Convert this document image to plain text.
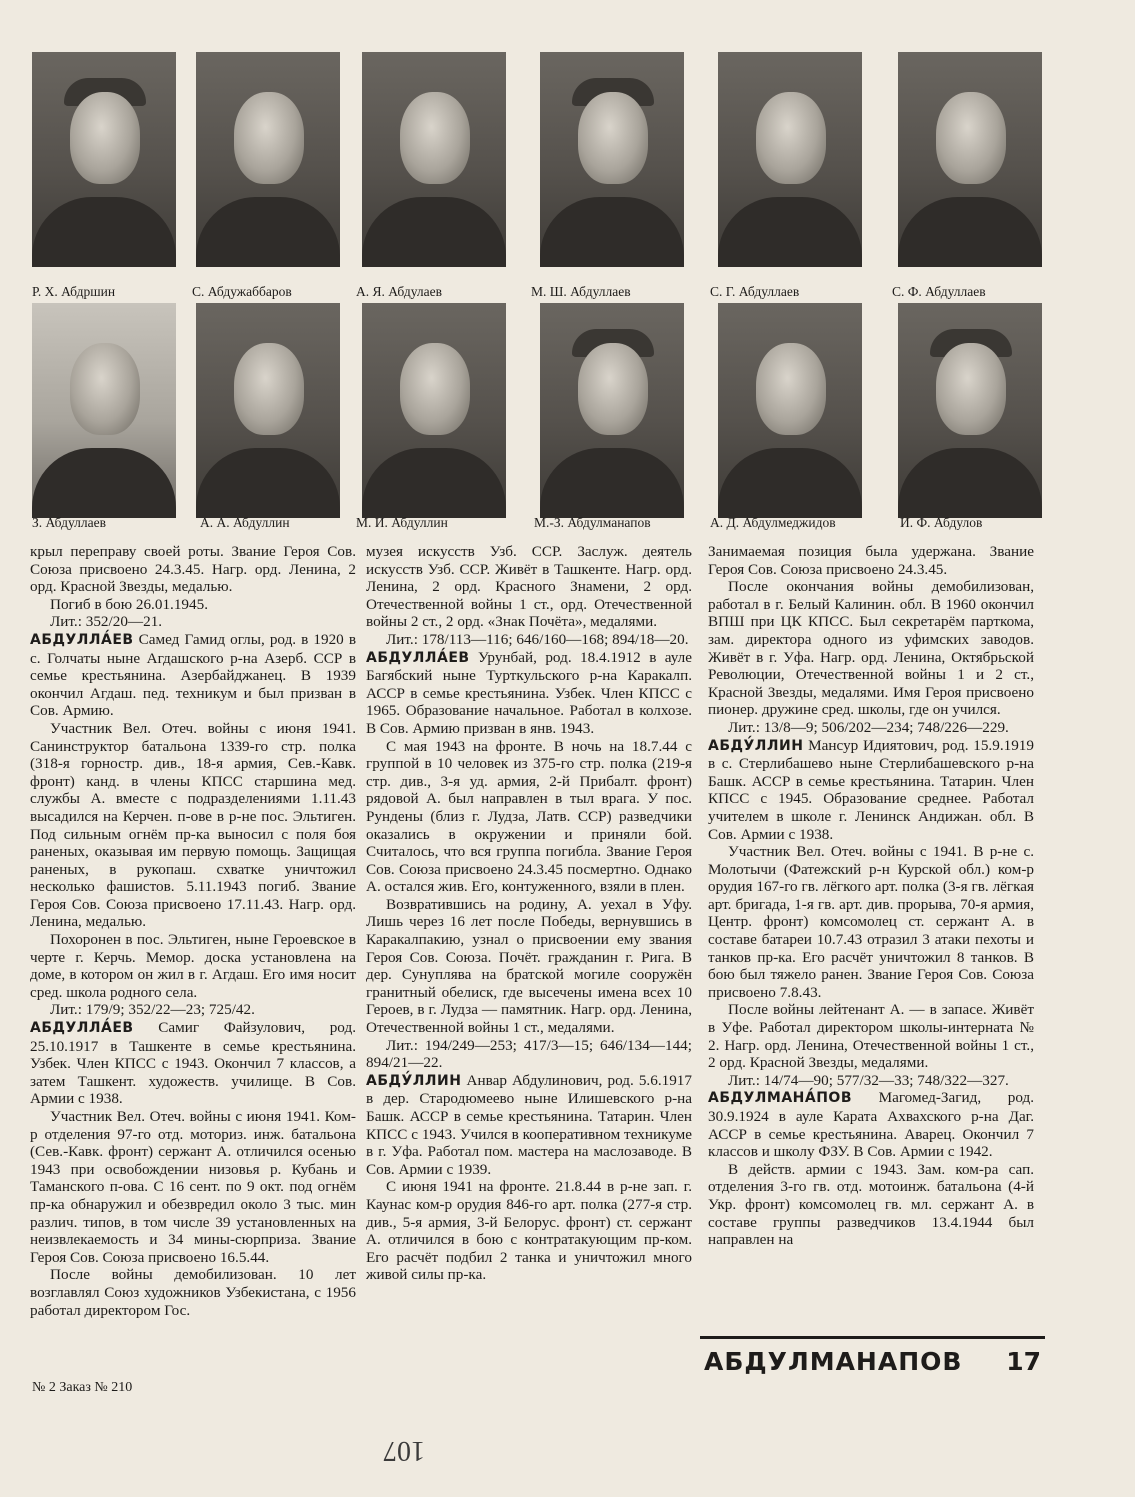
Р. Х. Абдршин	С. Абдужаббаров	А. Я. Абдулаев	М. Ш. Абдуллаев	С. Г. Абдуллаев	С. Ф. Абдуллаев
З. Абдуллаев	А. А. Абдуллин	М. И. Абдуллин	М.-З. Абдулманапов	А. Д. Абдулмеджидов	И. Ф. Абдулов

крыл переправу своей роты. Звание Героя Сов. Союза присвоено 24.3.45. Нагр. орд. Ленина, 2 орд. Красной Звезды, медалью.

Погиб в бою 26.01.1945.

Лит.: 352/20—21.

АБДУЛЛА́ЕВ Самед Гамид оглы, род. в 1920 в с. Голчаты ныне Агдашского р-на Азерб. ССР в семье крестьянина. Азербайджанец. В 1939 окончил Агдаш. пед. техникум и был призван в Сов. Армию.

Участник Вел. Отеч. войны с июня 1941. Санинструктор батальона 1339-го стр. полка (318-я горностр. див., 18-я армия, Сев.-Кавк. фронт) канд. в члены КПСС старшина мед. службы А. вместе с подразделениями 1.11.43 высадился на Керчен. п-ове в р-не пос. Эльтиген. Под сильным огнём пр-ка выносил с поля боя раненых, оказывая им первую помощь. Защищая раненых, в рукопаш. схватке уничтожил несколько фашистов. 5.11.1943 погиб. Звание Героя Сов. Союза присвоено 17.11.43. Нагр. орд. Ленина, медалью.

Похоронен в пос. Эльтиген, ныне Героевское в черте г. Керчь. Мемор. доска установлена на доме, в котором он жил в г. Агдаш. Его имя носит сред. школа родного села.

Лит.: 179/9; 352/22—23; 725/42.

АБДУЛЛА́ЕВ Самиг Файзулович, род. 25.10.1917 в Ташкенте в семье крестьянина. Узбек. Член КПСС с 1943. Окончил 7 классов, а затем Ташкент. художеств. училище. В Сов. Армии с 1938.

Участник Вел. Отеч. войны с июня 1941. Ком-р отделения 97-го отд. моториз. инж. батальона (Сев.-Кавк. фронт) сержант А. отличился осенью 1943 при освобождении низовья р. Кубань и Таманского п-ова. С 16 сент. по 9 окт. под огнём пр-ка обнаружил и обезвредил около 3 тыс. мин различ. типов, в том числе 39 установленных на неизвлекаемость и 34 мины-сюрприза. Звание Героя Сов. Союза присвоено 16.5.44.

После войны демобилизован. 10 лет возглавлял Союз художников Узбекистана, с 1956 работал директором Гос.

музея искусств Узб. ССР. Заслуж. деятель искусств Узб. ССР. Живёт в Ташкенте. Нагр. орд. Ленина, 2 орд. Красного Знамени, 2 орд. Отечественной войны 1 ст., орд. Отечественной войны 2 ст., 2 орд. «Знак Почёта», медалями.

Лит.: 178/113—116; 646/160—168; 894/18—20.

АБДУЛЛА́ЕВ Урунбай, род. 18.4.1912 в ауле Багябский ныне Турткульского р-на Каракалп. АССР в семье крестьянина. Узбек. Член КПСС с 1965. Образование начальное. Работал в колхозе. В Сов. Армию призван в янв. 1943.

С мая 1943 на фронте. В ночь на 18.7.44 с группой в 10 человек из 375-го стр. полка (219-я стр. див., 3-я уд. армия, 2-й Прибалт. фронт) рядовой А. был направлен в тыл врага. У пос. Рундены (близ г. Лудза, Латв. ССР) разведчики оказались в окружении и приняли бой. Считалось, что вся группа погибла. Звание Героя Сов. Союза присвоено 24.3.45 посмертно. Однако А. остался жив. Его, контуженного, взяли в плен.

Возвратившись на родину, А. уехал в Уфу. Лишь через 16 лет после Победы, вернувшись в Каракалпакию, узнал о присвоении ему звания Героя Сов. Союза. Почёт. гражданин г. Рига. В дер. Сунуплява на братской могиле сооружён гранитный обелиск, где высечены имена всех 10 Героев, в г. Лудза — памятник. Нагр. орд. Ленина, Отечественной войны 1 ст., медалями.

Лит.: 194/249—253; 417/3—15; 646/134—144; 894/21—22.

АБДУ́ЛЛИН Анвар Абдулинович, род. 5.6.1917 в дер. Стародюмеево ныне Илишевского р-на Башк. АССР в семье крестьянина. Татарин. Член КПСС с 1943. Учился в кооперативном техникуме в г. Уфа. Работал пом. мастера на маслозаводе. В Сов. Армии с 1939.

С июня 1941 на фронте. 21.8.44 в р-не зап. г. Каунас ком-р орудия 846-го арт. полка (277-я стр. див., 5-я армия, 3-й Белорус. фронт) ст. сержант А. отличился в бою с контратакующим пр-ком. Его расчёт подбил 2 танка и уничтожил много живой силы пр-ка.

Занимаемая позиция была удержана. Звание Героя Сов. Союза присвоено 24.3.45.

После окончания войны демобилизован, работал в г. Белый Калинин. обл. В 1960 окончил ВПШ при ЦК КПСС. Был секретарём парткома, зам. директора одного из уфимских заводов. Живёт в г. Уфа. Нагр. орд. Ленина, Октябрьской Революции, Отечественной войны 1 и 2 ст., Красной Звезды, медалями. Имя Героя присвоено пионер. дружине сред. школы, где он учился.

Лит.: 13/8—9; 506/202—234; 748/226—229.

АБДУ́ЛЛИН Мансур Идиятович, род. 15.9.1919 в с. Стерлибашево ныне Стерлибашевского р-на Башк. АССР в семье крестьянина. Татарин. Член КПСС с 1945. Образование среднее. Работал учителем в школе г. Ленинск Андижан. обл. В Сов. Армии с 1938.

Участник Вел. Отеч. войны с 1941. В р-не с. Молотычи (Фатежский р-н Курской обл.) ком-р орудия 167-го гв. лёгкого арт. полка (3-я гв. лёгкая арт. бригада, 1-я гв. арт. див. прорыва, 70-я армия, Центр. фронт) комсомолец ст. сержант А. в составе батареи 10.7.43 отразил 3 атаки пехоты и танков пр-ка. Его расчёт уничтожил 8 танков. В бою был тяжело ранен. Звание Героя Сов. Союза присвоено 7.8.43.

После войны лейтенант А. — в запасе. Живёт в Уфе. Работал директором школы-интерната № 2. Нагр. орд. Ленина, Отечественной войны 1 ст., 2 орд. Красной Звезды, медалями.

Лит.: 14/74—90; 577/32—33; 748/322—327.

АБДУЛМАНА́ПОВ Магомед-Загид, род. 30.9.1924 в ауле Карата Ахвахского р-на Даг. АССР в семье крестьянина. Аварец. Окончил 7 классов и школу ФЗУ. В Сов. Армии с 1942.

В действ. армии с 1943. Зам. ком-ра сап. отделения 3-го гв. отд. мотоинж. батальона (4-й Укр. фронт) комсомолец гв. мл. сержант А. в составе группы разведчиков 13.4.1944 был направлен на

АБДУЛМАНАПОВ 17
№ 2 Заказ № 210
107
